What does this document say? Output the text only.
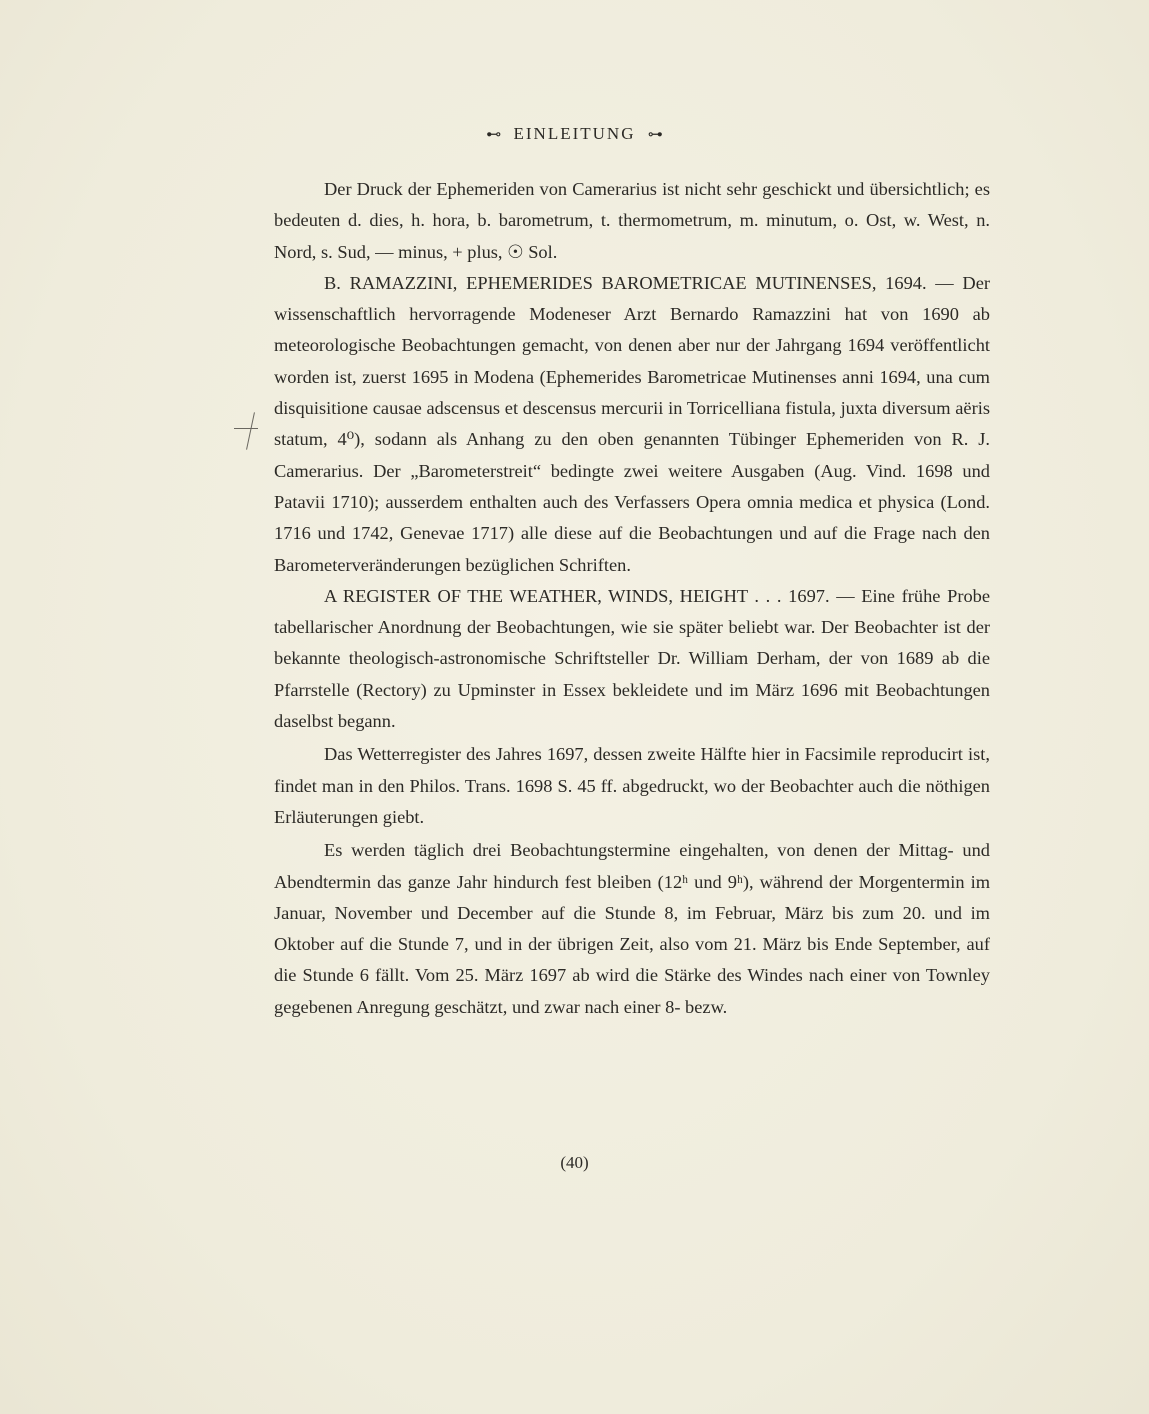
⊷ EINLEITUNG ⊶

Der Druck der Ephemeriden von Camerarius ist nicht sehr geschickt und übersichtlich; es bedeuten d. dies, h. hora, b. barometrum, t. thermometrum, m. minutum, o. Ost, w. West, n. Nord, s. Sud, — minus, + plus, ☉ Sol.

B. RAMAZZINI, EPHEMERIDES BAROMETRICAE MUTINENSES, 1694. — Der wissenschaftlich hervorragende Modeneser Arzt Bernardo Ramazzini hat von 1690 ab meteorologische Beobachtungen gemacht, von denen aber nur der Jahrgang 1694 veröffentlicht worden ist, zuerst 1695 in Modena (Ephemerides Barometricae Mutinenses anni 1694, una cum disquisitione causae adscensus et descensus mercurii in Torricelliana fistula, juxta diversum aëris statum, 4⁰), sodann als Anhang zu den oben genannten Tübinger Ephemeriden von R. J. Camerarius. Der „Barometerstreit“ bedingte zwei weitere Ausgaben (Aug. Vind. 1698 und Patavii 1710); ausserdem enthalten auch des Verfassers Opera omnia medica et physica (Lond. 1716 und 1742, Genevae 1717) alle diese auf die Beobachtungen und auf die Frage nach den Barometerveränderungen bezüglichen Schriften.

A REGISTER OF THE WEATHER, WINDS, HEIGHT . . . 1697. — Eine frühe Probe tabellarischer Anordnung der Beobachtungen, wie sie später beliebt war. Der Beobachter ist der bekannte theologisch-astronomische Schriftsteller Dr. William Derham, der von 1689 ab die Pfarrstelle (Rectory) zu Upminster in Essex bekleidete und im März 1696 mit Beobachtungen daselbst begann.

Das Wetterregister des Jahres 1697, dessen zweite Hälfte hier in Facsimile reproducirt ist, findet man in den Philos. Trans. 1698 S. 45 ff. abgedruckt, wo der Beobachter auch die nöthigen Erläuterungen giebt.

Es werden täglich drei Beobachtungstermine eingehalten, von denen der Mittag- und Abendtermin das ganze Jahr hindurch fest bleiben (12ʰ und 9ʰ), während der Morgentermin im Januar, November und December auf die Stunde 8, im Februar, März bis zum 20. und im Oktober auf die Stunde 7, und in der übrigen Zeit, also vom 21. März bis Ende September, auf die Stunde 6 fällt. Vom 25. März 1697 ab wird die Stärke des Windes nach einer von Townley gegebenen Anregung geschätzt, und zwar nach einer 8- bezw.

(40)
